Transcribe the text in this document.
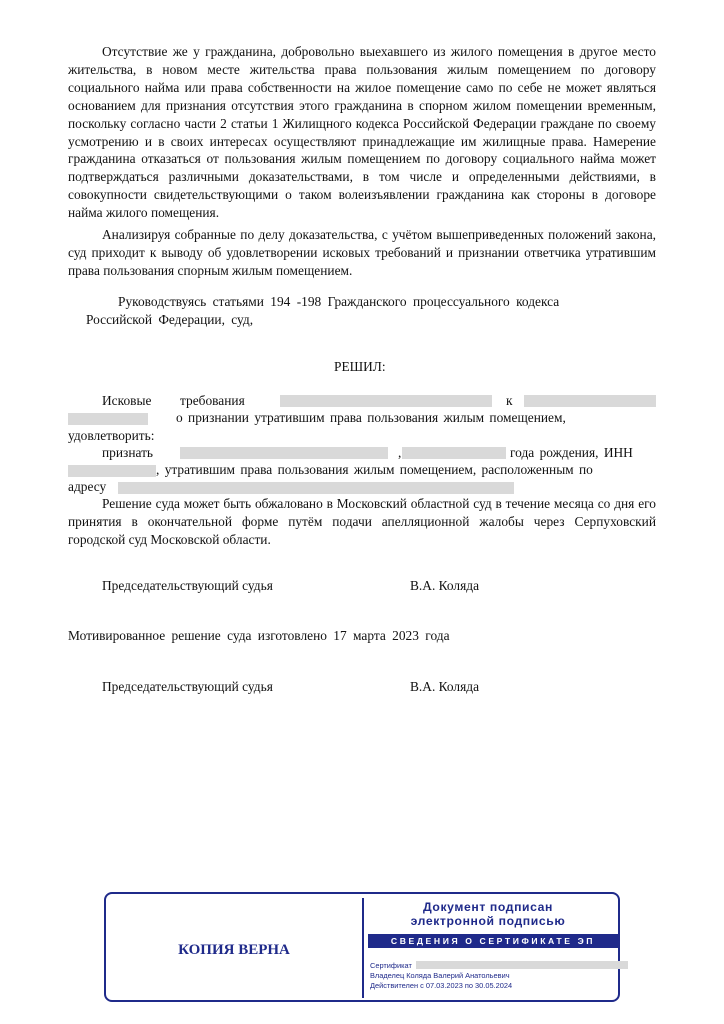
Отсутствие же у гражданина, добровольно выехавшего из жилого помещения в другое место жительства, в новом месте жительства права пользования жилым помещением по договору социального найма или права собственности на жилое помещение само по себе не может являться основанием для признания отсутствия этого гражданина в спорном жилом помещении временным, поскольку согласно части 2 статьи 1 Жилищного кодекса Российской Федерации граждане по своему усмотрению и в своих интересах осуществляют принадлежащие им жилищные права. Намерение гражданина отказаться от пользования жилым помещением по договору социального найма может подтверждаться различными доказательствами, в том числе и определенными действиями, в совокупности свидетельствующими о таком волеизъявлении гражданина как стороны в договоре найма жилого помещения.

Анализируя собранные по делу доказательства, с учётом вышеприведенных положений закона, суд приходит к выводу об удовлетворении исковых требований и признании ответчика утратившим права пользования спорным жилым помещением.

Руководствуясь статьями 194 -198 Гражданского процессуального кодекса
Российской Федерации, суд,
РЕШИЛ:
Исковые требования	к
о признании утратившим права пользования жилым помещением,
удовлетворить:
признать	,	года рождения, ИНН
, утратившим права пользования жилым помещением, расположенным по
адресу

Решение суда может быть обжаловано в Московский областной суд в течение месяца со дня его принятия в окончательной форме путём подачи апелляционной жалобы через Серпуховский городской суд Московской области.

Председательствующий судья	В.А. Коляда
Мотивированное решение суда изготовлено 17 марта 2023 года
Председательствующий судья	В.А. Коляда
КОПИЯ ВЕРНА
Документ подписан
электронной подписью
СВЕДЕНИЯ О СЕРТИФИКАТЕ ЭП
Сертификат
Владелец Коляда Валерий Анатольевич
Действителен с 07.03.2023 по 30.05.2024
